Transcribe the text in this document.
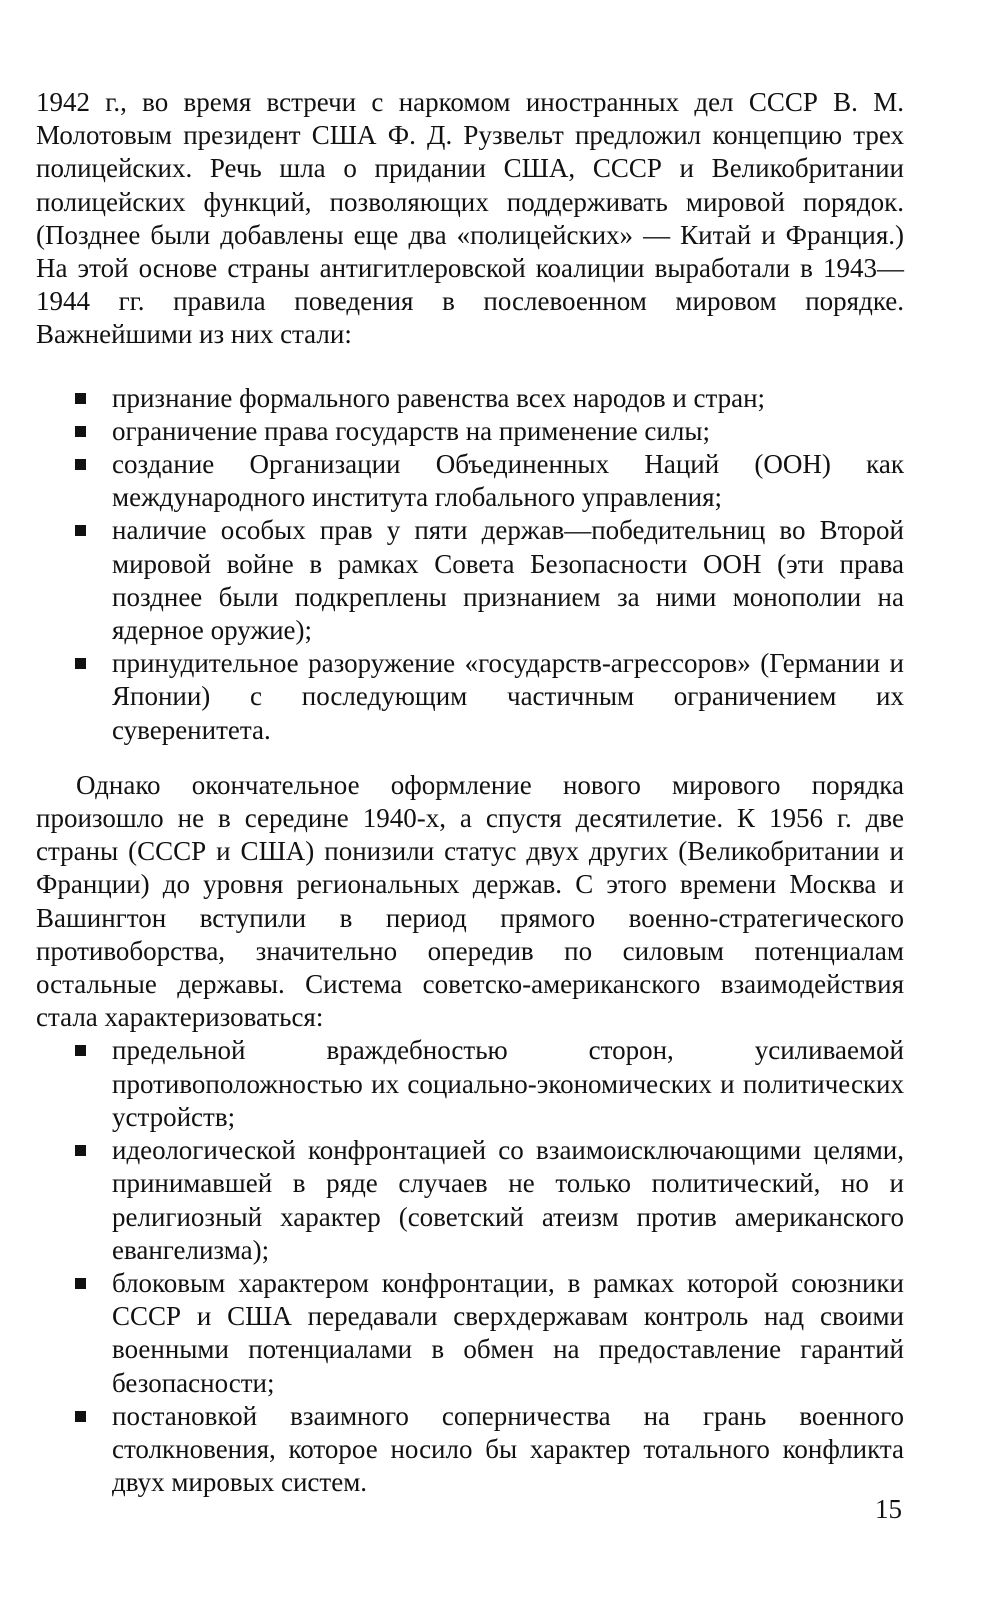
1942 г., во время встречи с наркомом иностранных дел СССР В. М. Молотовым президент США Ф. Д. Рузвельт предложил концепцию трех полицейских. Речь шла о придании США, СССР и Великобритании полицейских функций, позволяющих поддерживать мировой порядок. (Позднее были добавлены еще два «полицейских» — Китай и Франция.) На этой основе страны антигитлеровской коалиции выработали в 1943—1944 гг. правила поведения в послевоенном мировом порядке. Важнейшими из них стали:

признание формального равенства всех народов и стран;
ограничение права государств на применение силы;
создание Организации Объединенных Наций (ООН) как международного института глобального управления;
наличие особых прав у пяти держав—победительниц во Второй мировой войне в рамках Совета Безопасности ООН (эти права позднее были подкреплены признанием за ними монополии на ядерное оружие);
принудительное разоружение «государств-агрессоров» (Германии и Японии) с последующим частичным ограничением их суверенитета.

Однако окончательное оформление нового мирового порядка произошло не в середине 1940-х, а спустя десятилетие. К 1956 г. две страны (СССР и США) понизили статус двух других (Великобритании и Франции) до уровня региональных держав. С этого времени Москва и Вашингтон вступили в период прямого военно-стратегического противоборства, значительно опередив по силовым потенциалам остальные державы. Система советско-американского взаимодействия стала характеризоваться:

предельной враждебностью сторон, усиливаемой противоположностью их социально-экономических и политических устройств;
идеологической конфронтацией со взаимоисключающими целями, принимавшей в ряде случаев не только политический, но и религиозный характер (советский атеизм против американского евангелизма);
блоковым характером конфронтации, в рамках которой союзники СССР и США передавали сверхдержавам контроль над своими военными потенциалами в обмен на предоставление гарантий безопасности;
постановкой взаимного соперничества на грань военного столкновения, которое носило бы характер тотального конфликта двух мировых систем.
15
